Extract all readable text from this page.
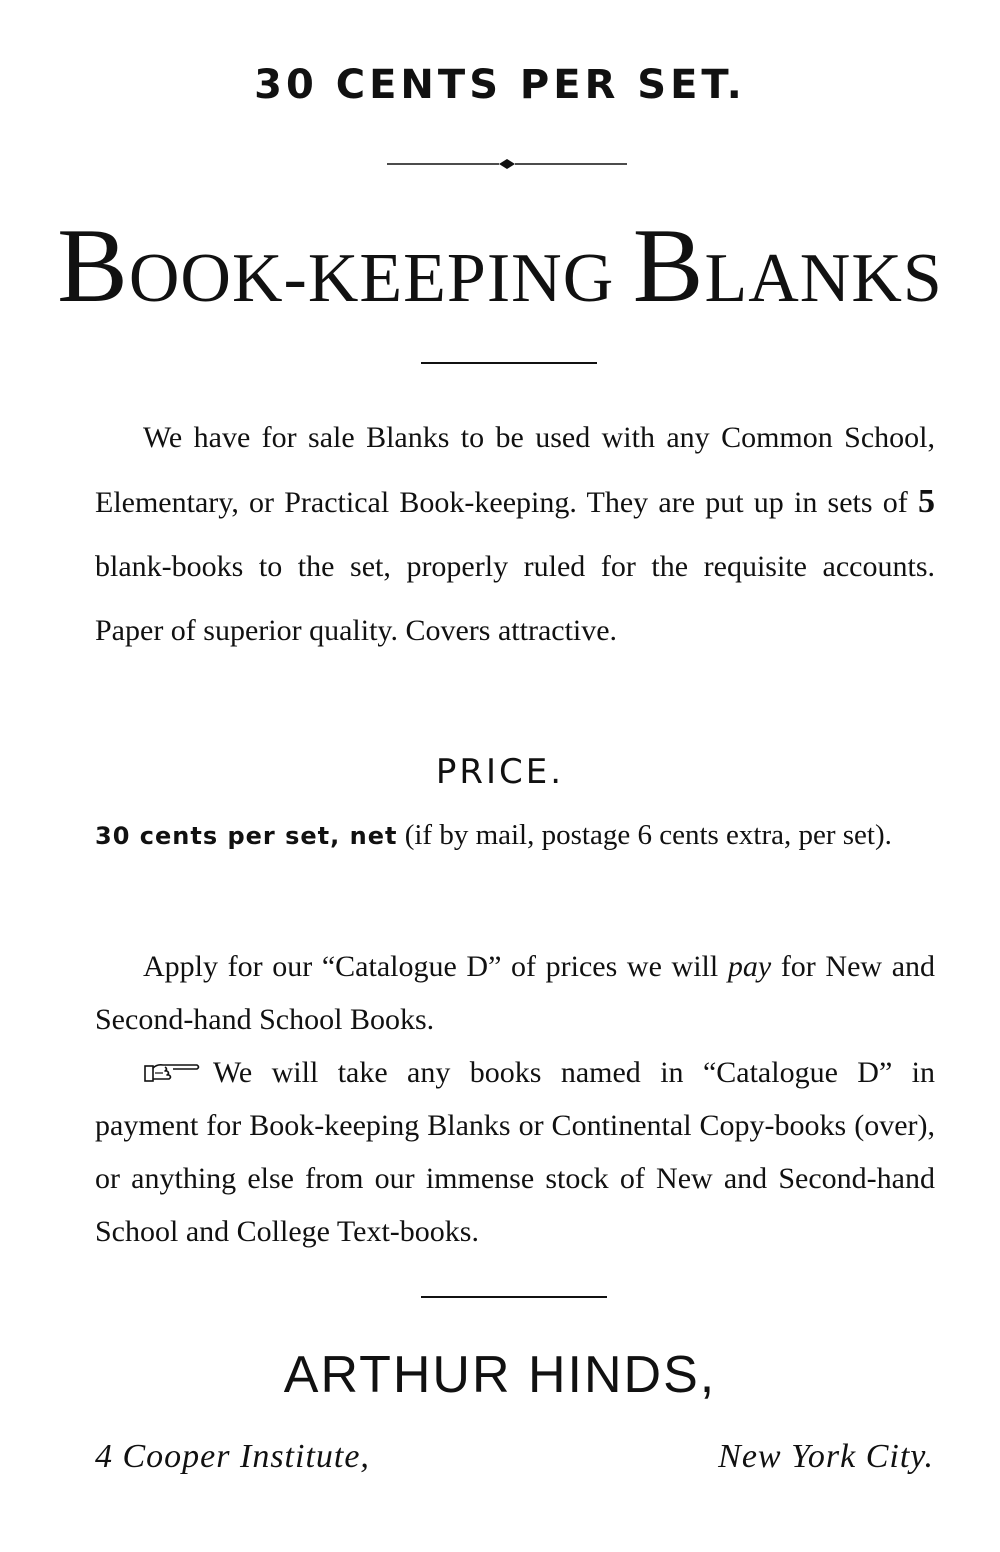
30 CENTS PER SET.
BOOK-KEEPING BLANKS
We have for sale Blanks to be used with any Common School, Elementary, or Practical Book-keeping. They are put up in sets of 5 blank-books to the set, properly ruled for the requisite accounts. Paper of superior quality. Covers attractive.
PRICE.
30 cents per set, net (if by mail, postage 6 cents extra, per set).
Apply for our “Catalogue D” of prices we will pay for New and Second-hand School Books.
We will take any books named in “Catalogue D” in payment for Book-keeping Blanks or Continental Copy-books (over), or anything else from our immense stock of New and Second-hand School and College Text-books.
ARTHUR HINDS,
4 Cooper Institute,	New York City.
